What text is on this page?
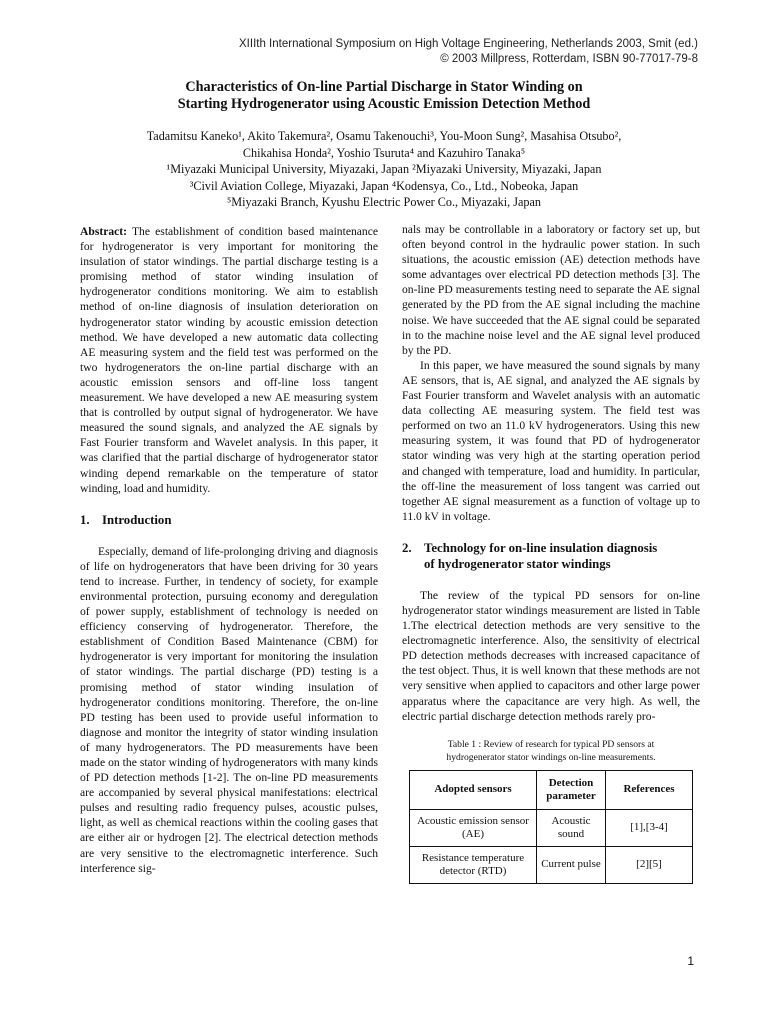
XIIIth International Symposium on High Voltage Engineering, Netherlands 2003, Smit (ed.)
© 2003 Millpress, Rotterdam, ISBN 90-77017-79-8
Characteristics of On-line Partial Discharge in Stator Winding on
Starting Hydrogenerator using Acoustic Emission Detection Method
Tadamitsu Kaneko¹, Akito Takemura², Osamu Takenouchi³, You-Moon Sung², Masahisa Otsubo²,
Chikahisa Honda², Yoshio Tsuruta⁴ and Kazuhiro Tanaka⁵
¹Miyazaki Municipal University, Miyazaki, Japan ²Miyazaki University, Miyazaki, Japan
³Civil Aviation College, Miyazaki, Japan ⁴Kodensya, Co., Ltd., Nobeoka, Japan
⁵Miyazaki Branch, Kyushu Electric Power Co., Miyazaki, Japan

Abstract: The establishment of condition based maintenance for hydrogenerator is very important for monitoring the insulation of stator windings. The partial discharge testing is a promising method of stator winding insulation of hydrogenerator conditions monitoring. We aim to establish method of on-line diagnosis of insulation deterioration on hydrogenerator stator winding by acoustic emission detection method. We have developed a new automatic data collecting AE measuring system and the field test was performed on the two hydrogenerators the on-line partial discharge with an acoustic emission sensors and off-line loss tangent measurement. We have developed a new AE measuring system that is controlled by output signal of hydrogenerator. We have measured the sound signals, and analyzed the AE signals by Fast Fourier transform and Wavelet analysis. In this paper, it was clarified that the partial discharge of hydrogenerator stator winding depend remarkable on the temperature of stator winding, load and humidity.

1. Introduction

Especially, demand of life-prolonging driving and diagnosis of life on hydrogenerators that have been driving for 30 years tend to increase. Further, in tendency of society, for example environmental protection, pursuing economy and deregulation of power supply, establishment of technology is needed on efficiency conserving of hydrogenerator. Therefore, the establishment of Condition Based Maintenance (CBM) for hydrogenerator is very important for monitoring the insulation of stator windings. The partial discharge (PD) testing is a promising method of stator winding insulation of hydrogenerator conditions monitoring. Therefore, the on-line PD testing has been used to provide useful information to diagnose and monitor the integrity of stator winding insulation of many hydrogenerators. The PD measurements have been made on the stator winding of hydrogenerators with many kinds of PD detection methods [1-2]. The on-line PD measurements are accompanied by several physical manifestations: electrical pulses and resulting radio frequency pulses, acoustic pulses, light, as well as chemical reactions within the cooling gases that are either air or hydrogen [2]. The electrical detection methods are very sensitive to the electromagnetic interference. Such interference sig-

nals may be controllable in a laboratory or factory set up, but often beyond control in the hydraulic power station. In such situations, the acoustic emission (AE) detection methods have some advantages over electrical PD detection methods [3]. The on-line PD measurements testing need to separate the AE signal generated by the PD from the AE signal including the machine noise. We have succeeded that the AE signal could be separated in to the machine noise level and the AE signal level produced by the PD.

In this paper, we have measured the sound signals by many AE sensors, that is, AE signal, and analyzed the AE signals by Fast Fourier transform and Wavelet analysis with an automatic data collecting AE measuring system. The field test was performed on two an 11.0 kV hydrogenerators. Using this new measuring system, it was found that PD of hydrogenerator stator winding was very high at the starting operation period and changed with temperature, load and humidity. In particular, the off-line the measurement of loss tangent was carried out together AE signal measurement as a function of voltage up to 11.0 kV in voltage.

2. Technology for on-line insulation diagnosis
of hydrogenerator stator windings

The review of the typical PD sensors for on-line hydrogenerator stator windings measurement are listed in Table 1.The electrical detection methods are very sensitive to the electromagnetic interference. Also, the sensitivity of electrical PD detection methods decreases with increased capacitance of the test object. Thus, it is well known that these methods are not very sensitive when applied to capacitors and other large power apparatus where the capacitance are very high. As well, the electric partial discharge detection methods rarely pro-

Table 1 : Review of research for typical PD sensors at
hydrogenerator stator windings on-line measurements.
Adopted sensors	Detection parameter	References
Acoustic emission sensor (AE)	Acoustic sound	[1],[3-4]
Resistance temperature detector (RTD)	Current pulse	[2][5]
1
